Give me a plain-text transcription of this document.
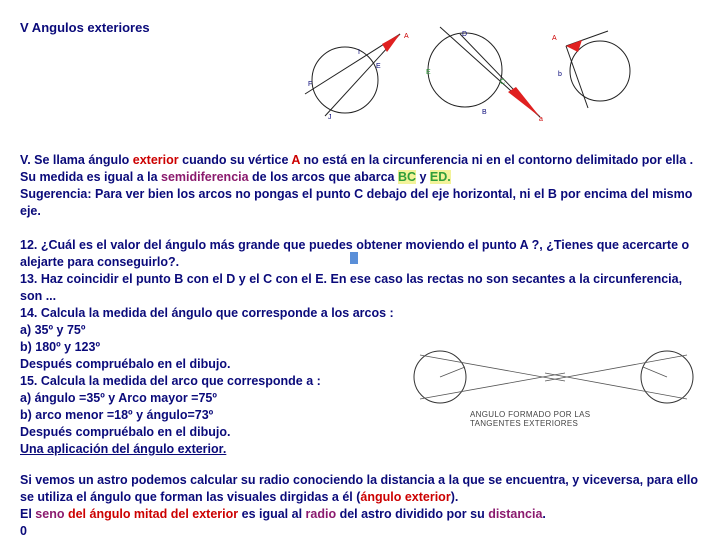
V Angulos exteriores
A
I
E
F
J
D
E
C
B
a
A
b
V. Se llama ángulo exterior cuando su vértice A no está en la circunferencia ni en el contorno delimitado por ella . Su medida es igual a la semidiferencia de los arcos que abarca BC y ED.
Sugerencia: Para ver bien los arcos no pongas el punto C debajo del eje horizontal, ni el B por encima del mismo eje.
12. ¿Cuál es el valor del ángulo más grande que puedes obtener moviendo el punto A ?, ¿Tienes que acercarte o alejarte para conseguirlo?.
13. Haz coincidir el punto B con el D y el C con el E. En ese caso las rectas no son secantes a la circunferencia, son ...
14. Calcula la medida del ángulo que corresponde a los arcos :
a) 35º y 75º
b) 180º y 123º
Después compruébalo en el dibujo.
15. Calcula la medida del arco que corresponde a :
a) ángulo =35º y Arco mayor =75º
b) arco menor =18º y ángulo=73º
Después compruébalo en el dibujo.
Una aplicación del ángulo exterior.
ANGULO FORMADO POR LAS
TANGENTES EXTERIORES
Si vemos un astro podemos calcular su radio conociendo la distancia a la que se encuentra, y viceversa, para ello se utiliza el ángulo que forman las visuales dirgidas a él (ángulo exterior).
El seno del ángulo mitad del exterior es igual al radio del astro dividido por su distancia.
0
